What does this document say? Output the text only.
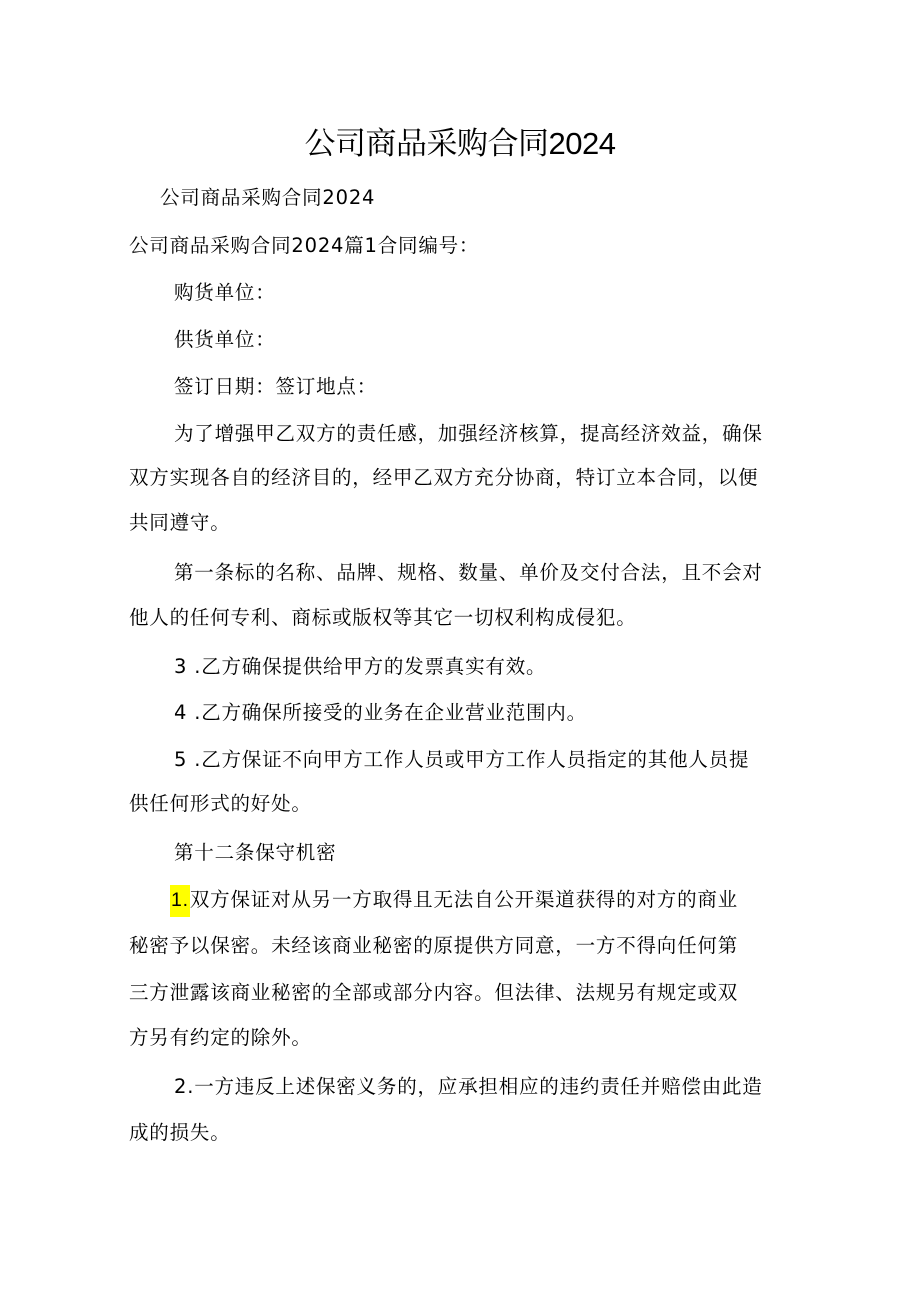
公司商品采购合同2024
公司商品采购合同2024
公司商品采购合同2024篇1合同编号：
购货单位：
供货单位：
签订日期：签订地点：
为了增强甲乙双方的责任感，加强经济核算，提高经济效益，确保
双方实现各自的经济目的，经甲乙双方充分协商，特订立本合同，以便
共同遵守。
第一条标的名称、品牌、规格、数量、单价及交付合法，且不会对
他人的任何专利、商标或版权等其它一切权利构成侵犯。
3 .乙方确保提供给甲方的发票真实有效。
4 .乙方确保所接受的业务在企业营业范围内。
5 .乙方保证不向甲方工作人员或甲方工作人员指定的其他人员提
供任何形式的好处。
第十二条保守机密
1.双方保证对从另一方取得且无法自公开渠道获得的对方的商业
秘密予以保密。未经该商业秘密的原提供方同意，一方不得向任何第
三方泄露该商业秘密的全部或部分内容。但法律、法规另有规定或双
方另有约定的除外。
2.一方违反上述保密义务的，应承担相应的违约责任并赔偿由此造
成的损失。
